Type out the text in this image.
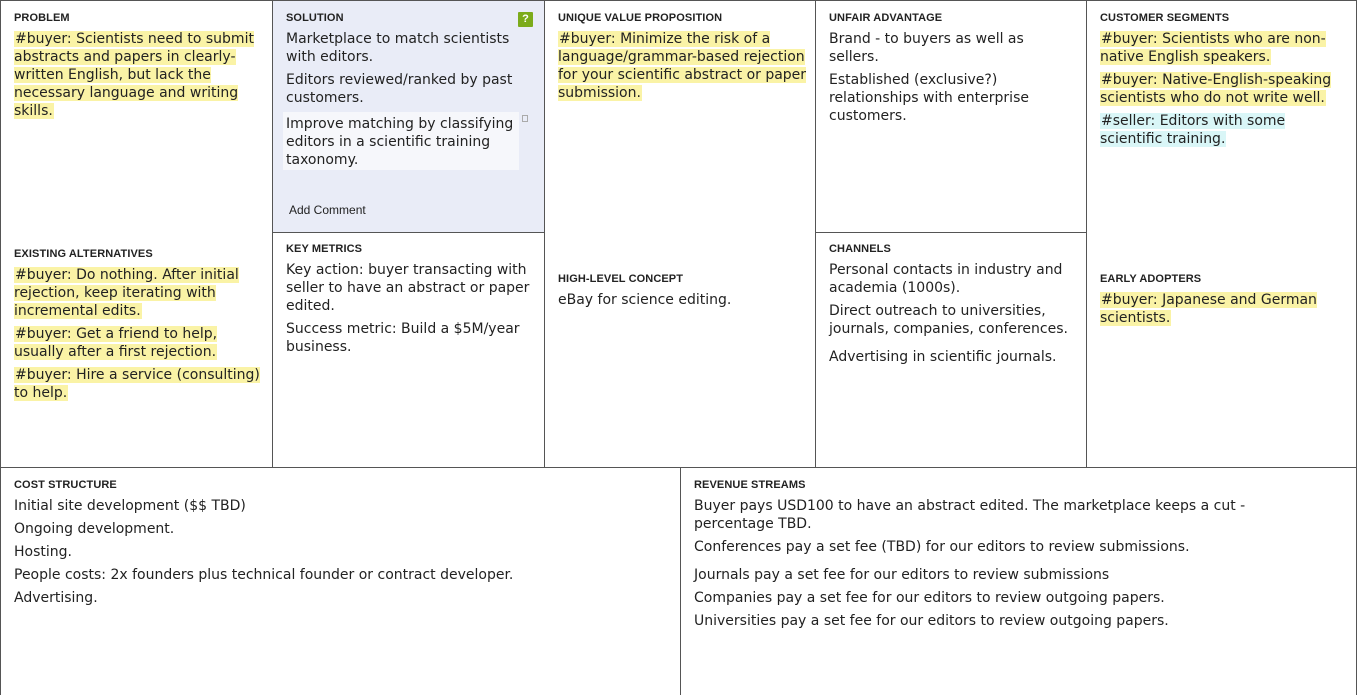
PROBLEM
#buyer: Scientists need to submit abstracts and papers in clearly-written English, but lack the necessary language and writing skills.
EXISTING ALTERNATIVES
#buyer: Do nothing. After initial rejection, keep iterating with incremental edits.
#buyer: Get a friend to help, usually after a first rejection.
#buyer: Hire a service (consulting) to help.
SOLUTION
Marketplace to match scientists with editors.
Editors reviewed/ranked by past customers.
?
Improve matching by classifying editors in a scientific training taxonomy.
Add Comment
KEY METRICS
Key action: buyer transacting with seller to have an abstract or paper edited.
Success metric: Build a $5M/year business.
UNIQUE VALUE PROPOSITION
#buyer: Minimize the risk of a language/grammar-based rejection for your scientific abstract or paper submission.
HIGH-LEVEL CONCEPT
eBay for science editing.
UNFAIR ADVANTAGE
Brand - to buyers as well as sellers.
Established (exclusive?) relationships with enterprise customers.
CHANNELS
Personal contacts in industry and academia (1000s).
Direct outreach to universities, journals, companies, conferences.
Advertising in scientific journals.
CUSTOMER SEGMENTS
#buyer: Scientists who are non-native English speakers.
#buyer: Native-English-speaking scientists who do not write well.
#seller: Editors with some scientific training.
EARLY ADOPTERS
#buyer: Japanese and German scientists.
COST STRUCTURE
Initial site development ($$ TBD)
Ongoing development.
Hosting.
People costs: 2x founders plus technical founder or contract developer.
Advertising.
REVENUE STREAMS
Buyer pays USD100 to have an abstract edited. The marketplace keeps a cut - percentage TBD.
Conferences pay a set fee (TBD) for our editors to review submissions.
Journals pay a set fee for our editors to review submissions
Companies pay a set fee for our editors to review outgoing papers.
Universities pay a set fee for our editors to review outgoing papers.
